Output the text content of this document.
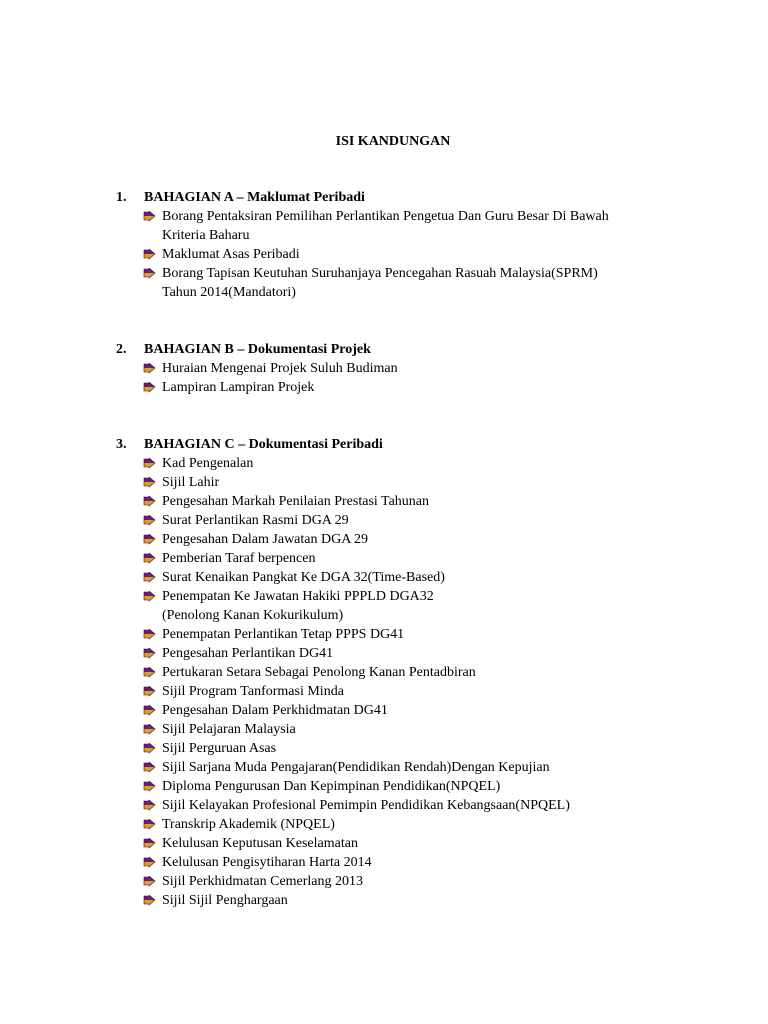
ISI KANDUNGAN
1. BAHAGIAN A – Maklumat Peribadi
Borang Pentaksiran Pemilihan Perlantikan Pengetua Dan Guru Besar Di Bawah
Kriteria Baharu
Maklumat Asas Peribadi
Borang Tapisan Keutuhan Suruhanjaya Pencegahan Rasuah Malaysia(SPRM)
Tahun 2014(Mandatori)
2. BAHAGIAN B – Dokumentasi Projek
Huraian Mengenai Projek Suluh Budiman
Lampiran Lampiran Projek
3. BAHAGIAN C – Dokumentasi Peribadi
Kad Pengenalan
Sijil Lahir
Pengesahan Markah Penilaian Prestasi Tahunan
Surat Perlantikan Rasmi DGA 29
Pengesahan Dalam Jawatan DGA 29
Pemberian Taraf berpencen
Surat Kenaikan Pangkat Ke DGA 32(Time-Based)
Penempatan Ke Jawatan Hakiki PPPLD DGA32
(Penolong Kanan Kokurikulum)
Penempatan Perlantikan Tetap PPPS DG41
Pengesahan Perlantikan DG41
Pertukaran Setara Sebagai Penolong Kanan Pentadbiran
Sijil Program Tanformasi Minda
Pengesahan Dalam Perkhidmatan DG41
Sijil Pelajaran Malaysia
Sijil Perguruan Asas
Sijil Sarjana Muda Pengajaran(Pendidikan Rendah)Dengan Kepujian
Diploma Pengurusan Dan Kepimpinan Pendidikan(NPQEL)
Sijil Kelayakan Profesional Pemimpin Pendidikan Kebangsaan(NPQEL)
Transkrip Akademik (NPQEL)
Kelulusan Keputusan Keselamatan
Kelulusan Pengisytiharan Harta 2014
Sijil Perkhidmatan Cemerlang 2013
Sijil Sijil Penghargaan
